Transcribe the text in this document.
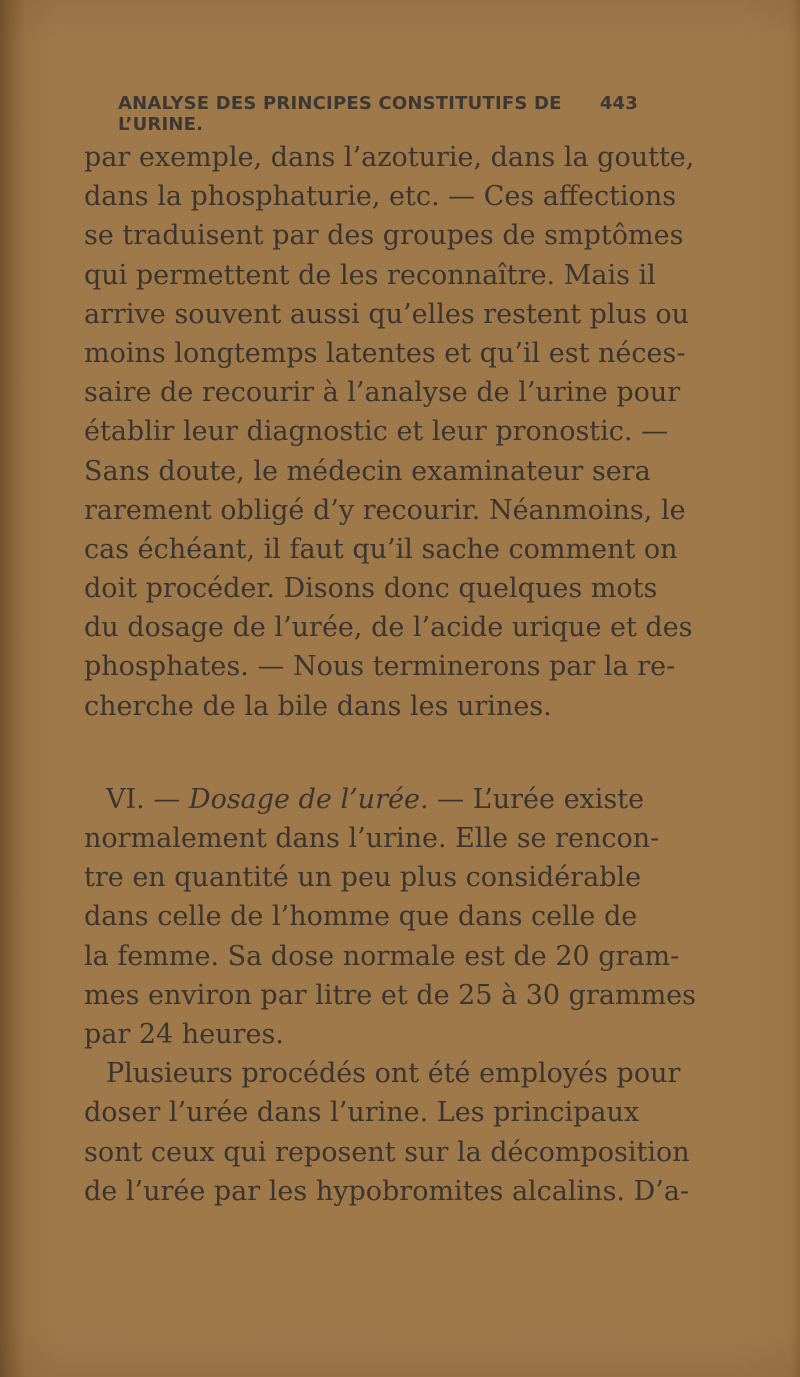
ANALYSE DES PRINCIPES CONSTITUTIFS DE L’URINE.
443
par exemple, dans l’azoturie, dans la goutte,
dans la phosphaturie, etc. — Ces affections
se traduisent par des groupes de smptômes
qui permettent de les reconnaître. Mais il
arrive souvent aussi qu’elles restent plus ou
moins longtemps latentes et qu’il est néces-
saire de recourir à l’analyse de l’urine pour
établir leur diagnostic et leur pronostic. —
Sans doute, le médecin examinateur sera
rarement obligé d’y recourir. Néanmoins, le
cas échéant, il faut qu’il sache comment on
doit procéder. Disons donc quelques mots
du dosage de l’urée, de l’acide urique et des
phosphates. — Nous terminerons par la re-
cherche de la bile dans les urines.
VI. — Dosage de l’urée. — L’urée existe
normalement dans l’urine. Elle se rencon-
tre en quantité un peu plus considérable
dans celle de l’homme que dans celle de
la femme. Sa dose normale est de 20 gram-
mes environ par litre et de 25 à 30 grammes
par 24 heures.
Plusieurs procédés ont été employés pour
doser l’urée dans l’urine. Les principaux
sont ceux qui reposent sur la décomposition
de l’urée par les hypobromites alcalins. D’a-
